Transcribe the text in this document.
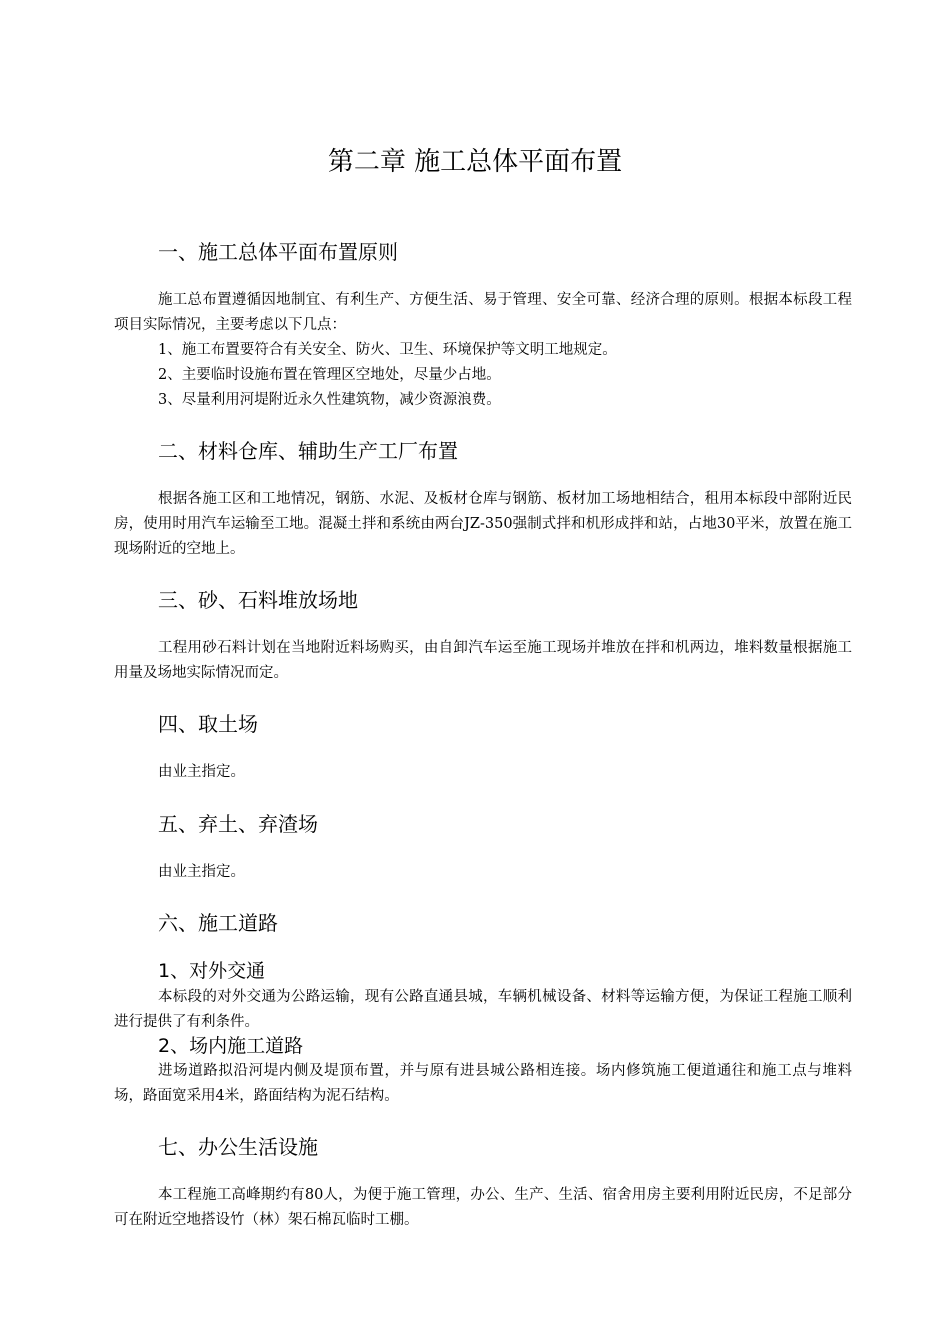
第二章 施工总体平面布置
一、施工总体平面布置原则

施工总布置遵循因地制宜、有利生产、方便生活、易于管理、安全可靠、经济合理的原则。根据本标段工程项目实际情况，主要考虑以下几点：

1、施工布置要符合有关安全、防火、卫生、环境保护等文明工地规定。

2、主要临时设施布置在管理区空地处，尽量少占地。

3、尽量利用河堤附近永久性建筑物，减少资源浪费。

二、材料仓库、辅助生产工厂布置

根据各施工区和工地情况，钢筋、水泥、及板材仓库与钢筋、板材加工场地相结合，租用本标段中部附近民房，使用时用汽车运输至工地。混凝土拌和系统由两台JZ-350强制式拌和机形成拌和站，占地30平米，放置在施工现场附近的空地上。

三、砂、石料堆放场地

工程用砂石料计划在当地附近料场购买，由自卸汽车运至施工现场并堆放在拌和机两边，堆料数量根据施工用量及场地实际情况而定。

四、取土场

由业主指定。

五、弃土、弃渣场

由业主指定。

六、施工道路
1、对外交通

本标段的对外交通为公路运输，现有公路直通县城，车辆机械设备、材料等运输方便，为保证工程施工顺利进行提供了有利条件。

2、场内施工道路

进场道路拟沿河堤内侧及堤顶布置，并与原有进县城公路相连接。场内修筑施工便道通往和施工点与堆料场，路面宽采用4米，路面结构为泥石结构。

七、办公生活设施

本工程施工高峰期约有80人，为便于施工管理，办公、生产、生活、宿舍用房主要利用附近民房，不足部分可在附近空地搭设竹（林）架石棉瓦临时工棚。
